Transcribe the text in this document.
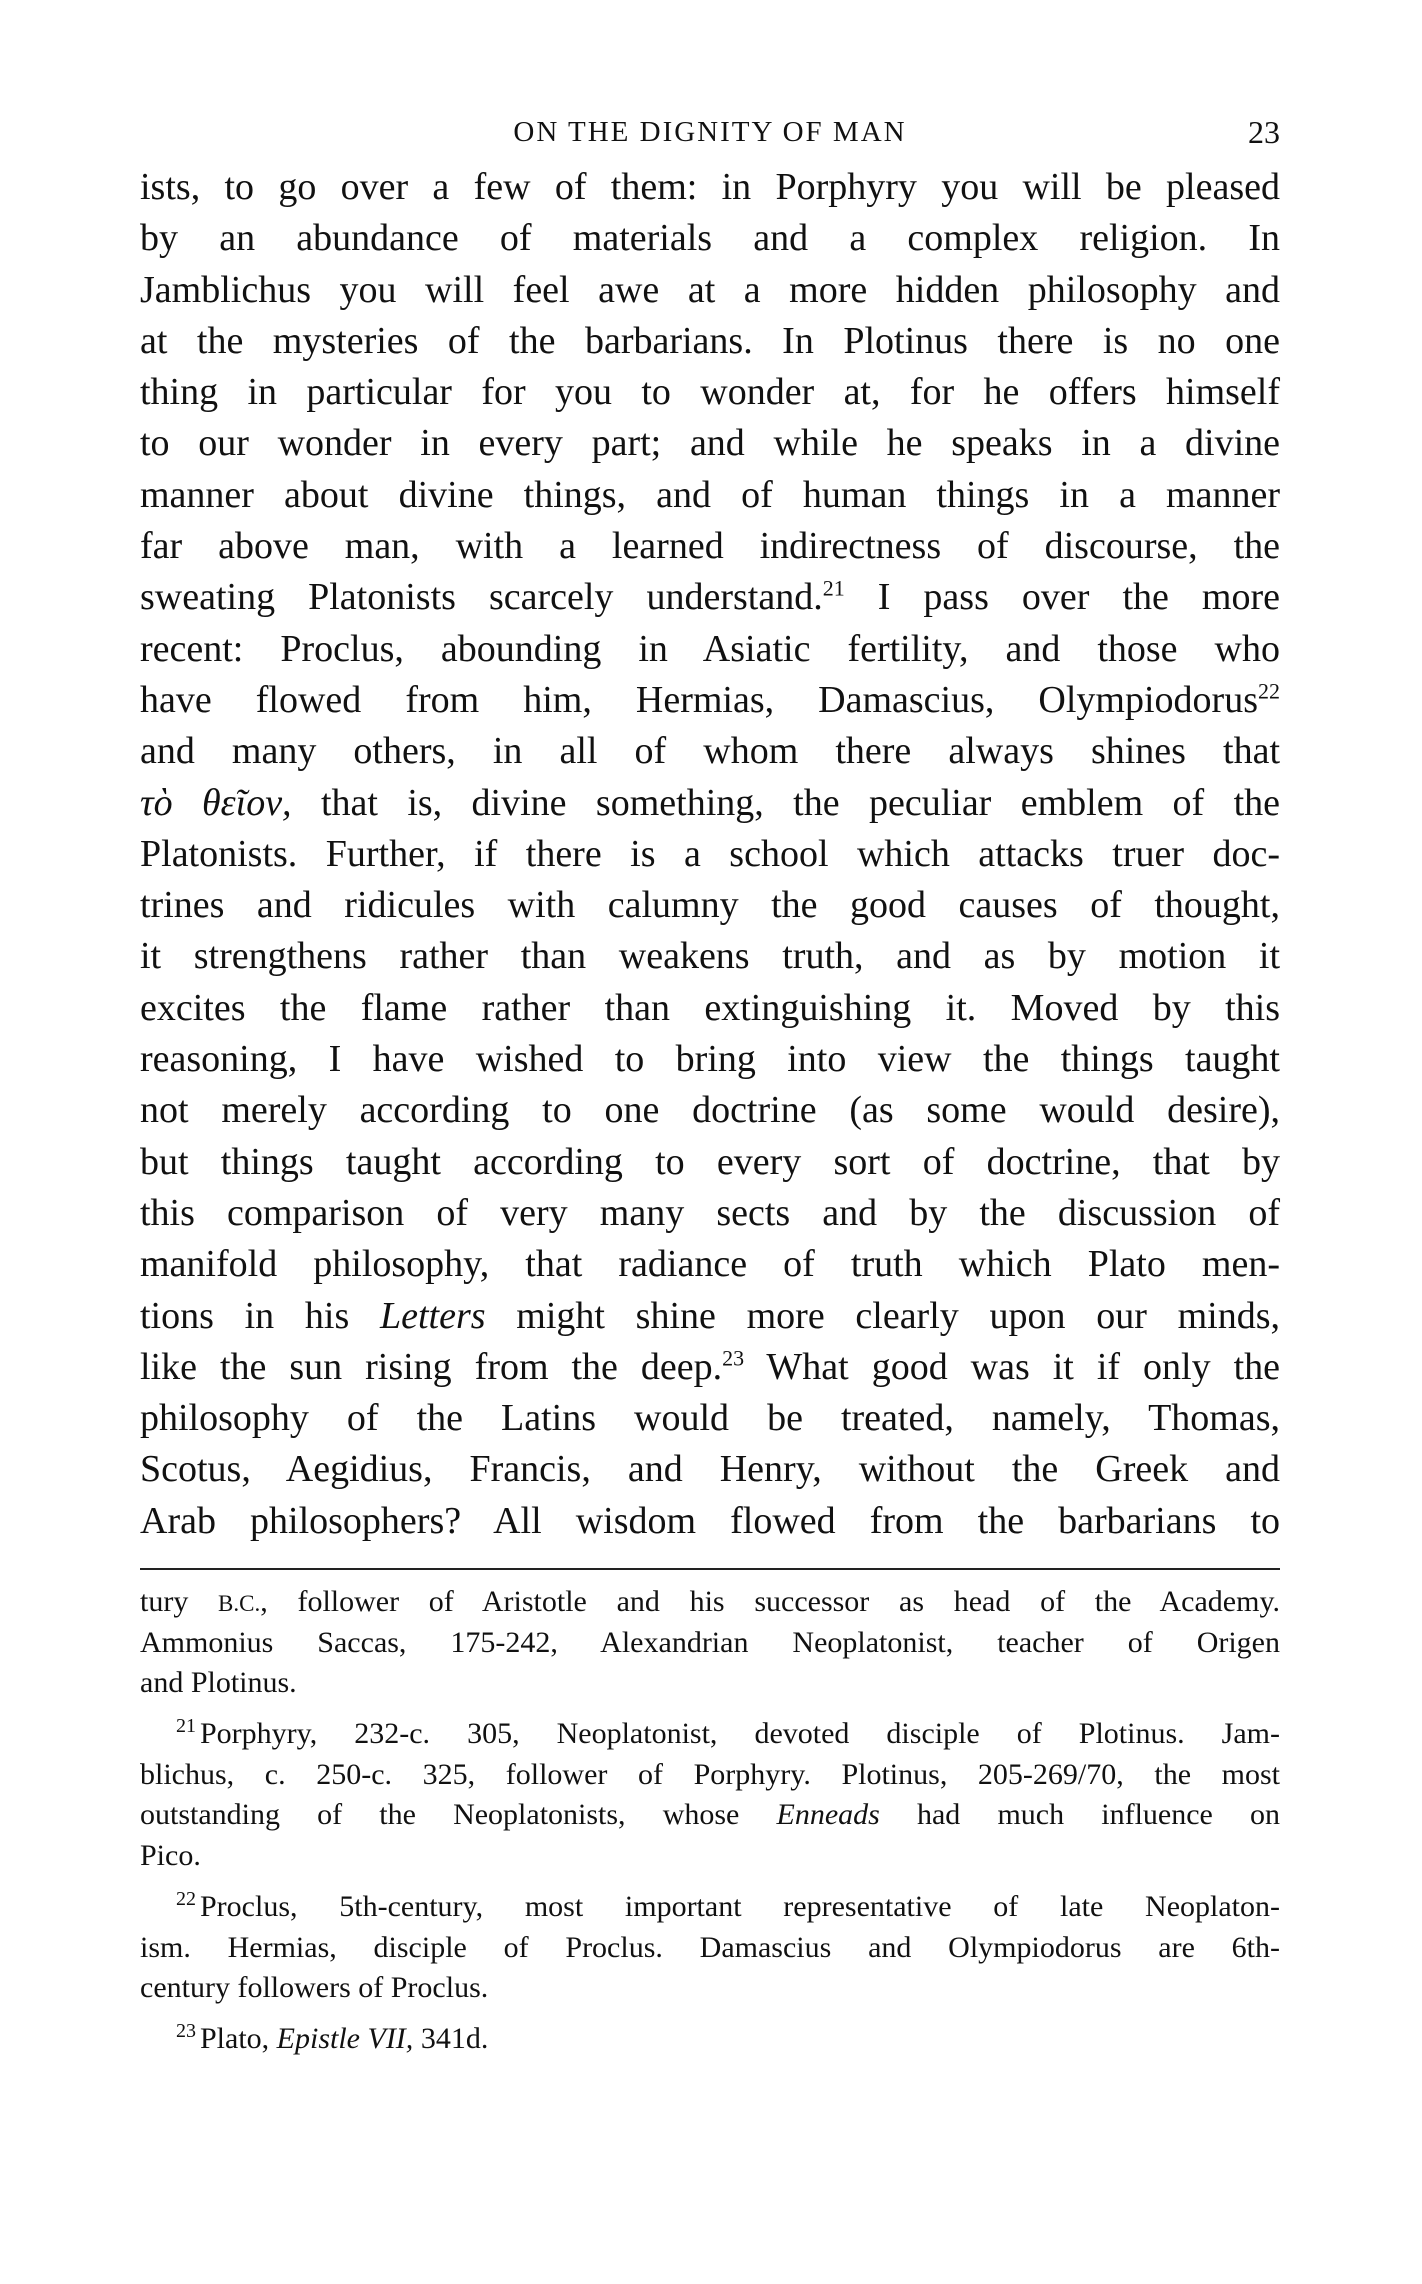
ON THE DIGNITY OF MAN	23
ists, to go over a few of them: in Porphyry you will be pleased
by an abundance of materials and a complex religion. In
Jamblichus you will feel awe at a more hidden philosophy and
at the mysteries of the barbarians. In Plotinus there is no one
thing in particular for you to wonder at, for he offers himself
to our wonder in every part; and while he speaks in a divine
manner about divine things, and of human things in a manner
far above man, with a learned indirectness of discourse, the
sweating Platonists scarcely understand.$^{21}$ I pass over the more
recent: Proclus, abounding in Asiatic fertility, and those who
have flowed from him, Hermias, Damascius, Olympiodorus$^{22}$
and many others, in all of whom there always shines that
τὸ θεῖον, that is, divine something, the peculiar emblem of the
Platonists. Further, if there is a school which attacks truer doc-
trines and ridicules with calumny the good causes of thought,
it strengthens rather than weakens truth, and as by motion it
excites the flame rather than extinguishing it. Moved by this
reasoning, I have wished to bring into view the things taught
not merely according to one doctrine (as some would desire),
but things taught according to every sort of doctrine, that by
this comparison of very many sects and by the discussion of
manifold philosophy, that radiance of truth which Plato men-
tions in his Letters might shine more clearly upon our minds,
like the sun rising from the deep.$^{23}$ What good was it if only the
philosophy of the Latins would be treated, namely, Thomas,
Scotus, Aegidius, Francis, and Henry, without the Greek and
Arab philosophers? All wisdom flowed from the barbarians to
tury B.C., follower of Aristotle and his successor as head of the Academy.
Ammonius Saccas, 175-242, Alexandrian Neoplatonist, teacher of Origen
and Plotinus.
$^{21}$ Porphyry, 232-c. 305, Neoplatonist, devoted disciple of Plotinus. Jam-
blichus, c. 250-c. 325, follower of Porphyry. Plotinus, 205-269/70, the most
outstanding of the Neoplatonists, whose Enneads had much influence on
Pico.
$^{22}$ Proclus, 5th-century, most important representative of late Neoplaton-
ism. Hermias, disciple of Proclus. Damascius and Olympiodorus are 6th-
century followers of Proclus.
$^{23}$ Plato, Epistle VII, 341d.
